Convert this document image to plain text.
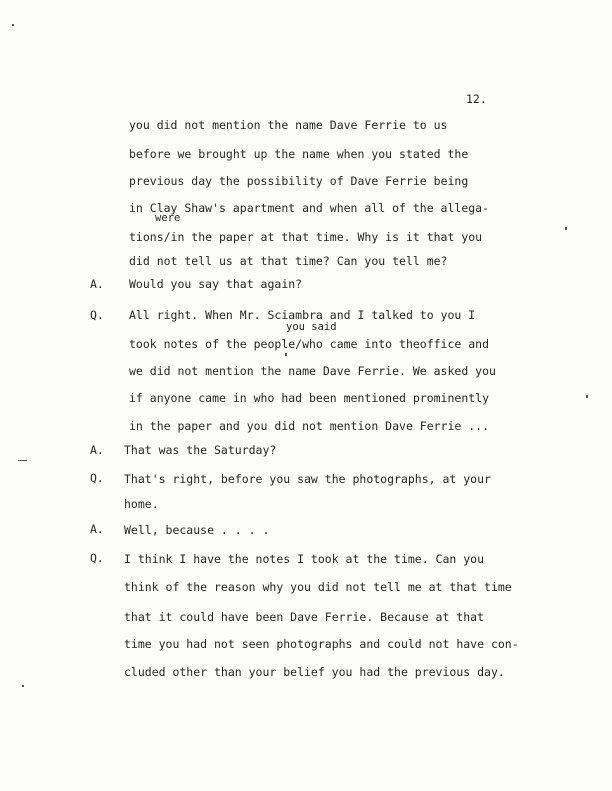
12.
you did not mention the name Dave Ferrie to us
before we brought up the name when you stated the
previous day the possibility of Dave Ferrie being
in Clay Shaw's apartment and when all of the allega-
were
tions/in the paper at that time. Why is it that you
did not tell us at that time? Can you tell me?
A. Would you say that again?
Q. All right. When Mr. Sciambra and I talked to you I
you said
took notes of the people/who came into theoffice and
we did not mention the name Dave Ferrie. We asked you
if anyone came in who had been mentioned prominently
in the paper and you did not mention Dave Ferrie ...
A. That was the Saturday?
Q. That's right, before you saw the photographs, at your
home.
A. Well, because . . . .
Q. I think I have the notes I took at the time. Can you
think of the reason why you did not tell me at that time
that it could have been Dave Ferrie. Because at that
time you had not seen photographs and could not have con-
cluded other than your belief you had the previous day.
